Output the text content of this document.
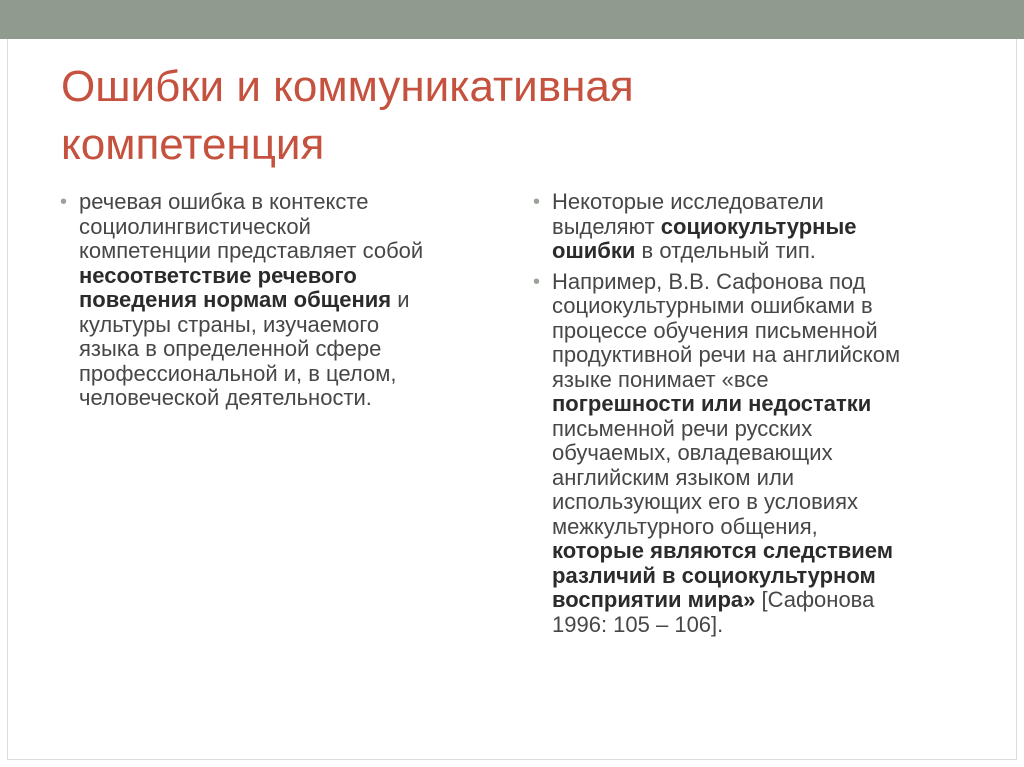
Ошибки и коммуникативная
компетенция
• речевая ошибка в контексте
социолингвистической
компетенции представляет собой
несоответствие речевого
поведения нормам общения и
культуры страны, изучаемого
языка в определенной сфере
профессиональной и, в целом,
человеческой деятельности.
• Некоторые исследователи
выделяют социокультурные
ошибки в отдельный тип.
• Например, В.В. Сафонова под
социокультурными ошибками в
процессе обучения письменной
продуктивной речи на английском
языке понимает «все
погрешности или недостатки
письменной речи русских
обучаемых, овладевающих
английским языком или
использующих его в условиях
межкультурного общения,
которые являются следствием
различий в социокультурном
восприятии мира» [Сафонова
1996: 105 – 106].
